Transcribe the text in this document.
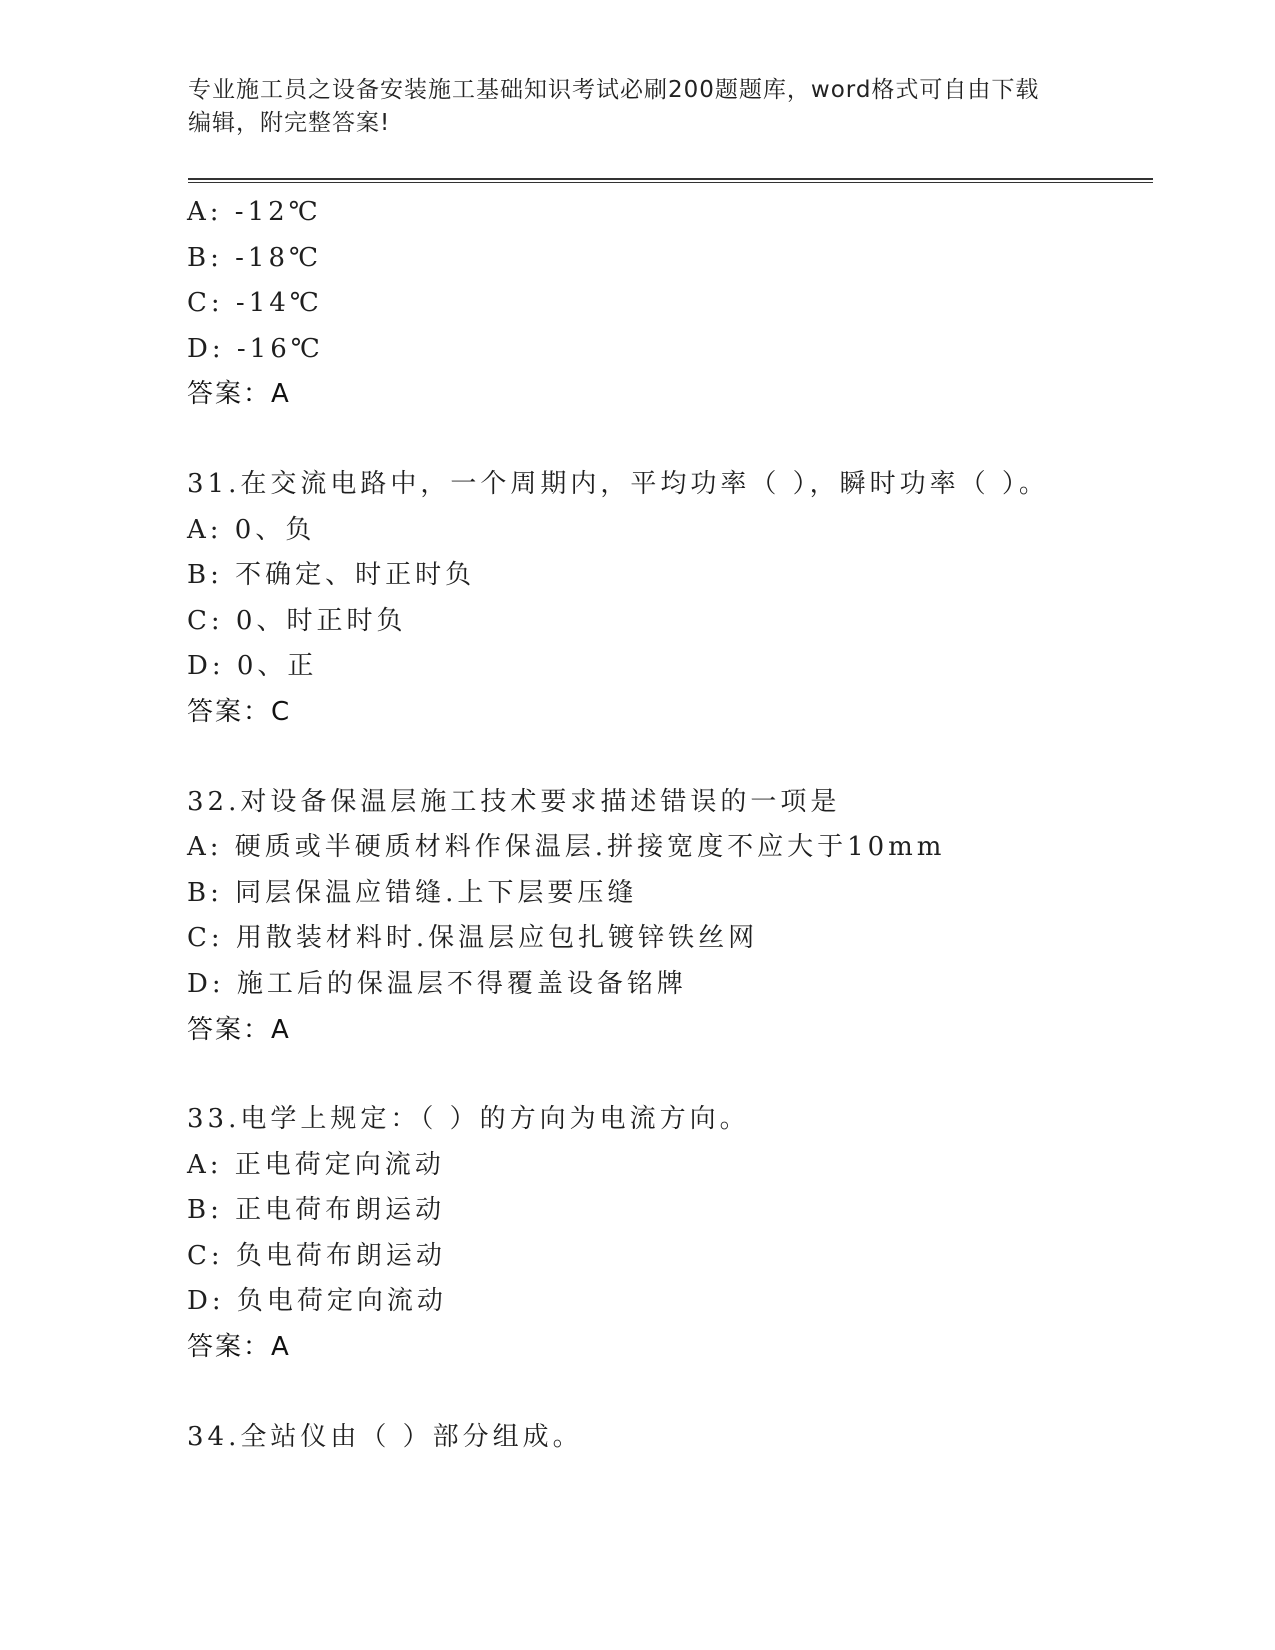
专业施工员之设备安装施工基础知识考试必刷200题题库，word格式可自由下载
编辑，附完整答案!
A: -12℃
B: -18℃
C: -14℃
D: -16℃
答案：A
31.在交流电路中，一个周期内，平均功率（ ），瞬时功率（ ）。
A: 0、负
B: 不确定、时正时负
C: 0、时正时负
D: 0、正
答案：C
32.对设备保温层施工技术要求描述错误的一项是
A: 硬质或半硬质材料作保温层.拼接宽度不应大于10mm
B: 同层保温应错缝.上下层要压缝
C: 用散装材料时.保温层应包扎镀锌铁丝网
D: 施工后的保温层不得覆盖设备铭牌
答案：A
33.电学上规定：（ ）的方向为电流方向。
A: 正电荷定向流动
B: 正电荷布朗运动
C: 负电荷布朗运动
D: 负电荷定向流动
答案：A
34.全站仪由（ ）部分组成。
